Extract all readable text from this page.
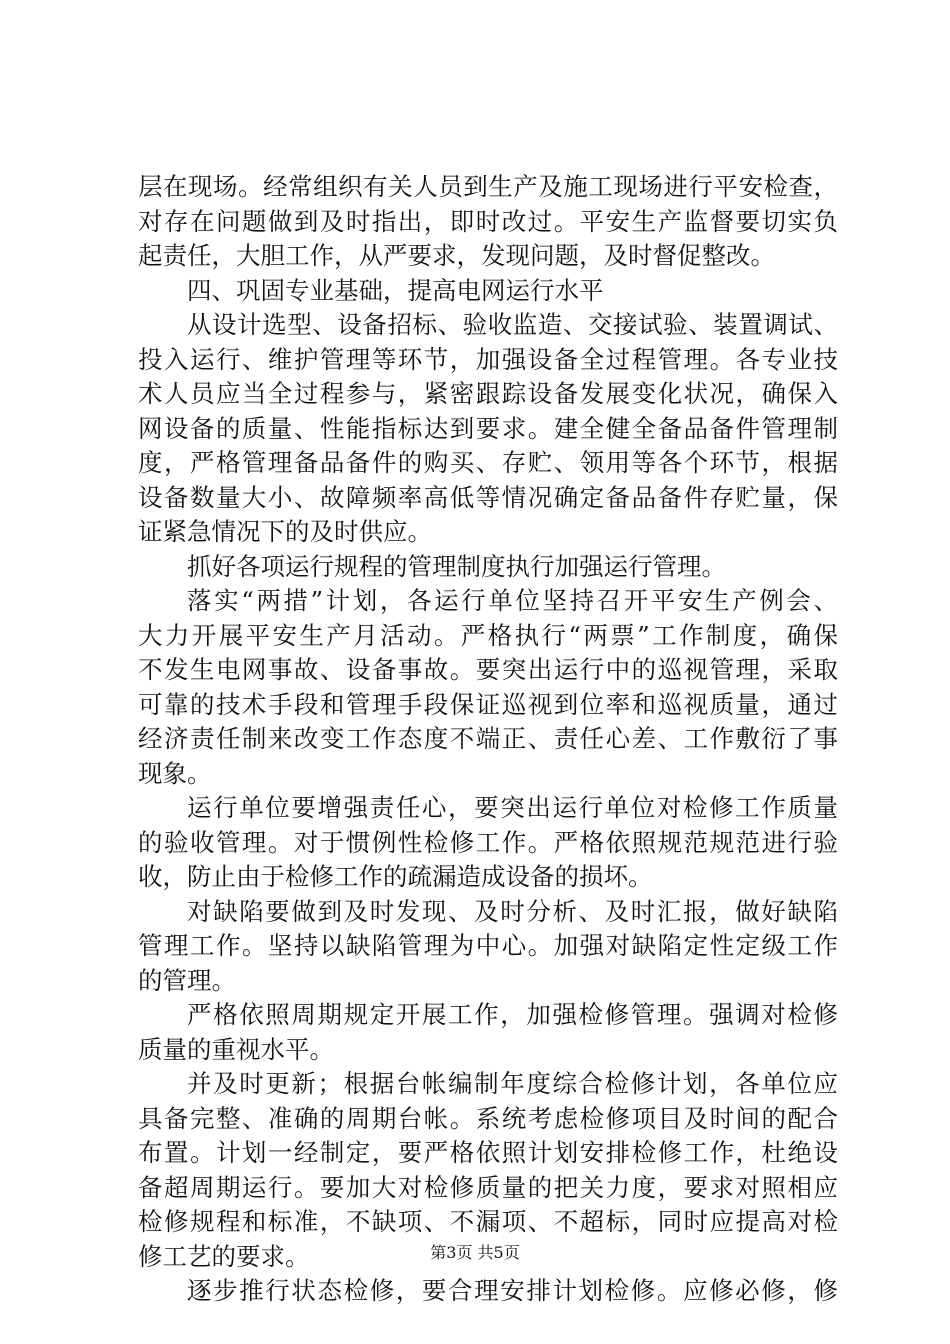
层在现场。经常组织有关人员到生产及施工现场进行平安检查，
对存在问题做到及时指出，即时改过。平安生产监督要切实负
起责任，大胆工作，从严要求，发现问题，及时督促整改。
四、巩固专业基础，提高电网运行水平
从设计选型、设备招标、验收监造、交接试验、装置调试、
投入运行、维护管理等环节，加强设备全过程管理。各专业技
术人员应当全过程参与，紧密跟踪设备发展变化状况，确保入
网设备的质量、性能指标达到要求。建全健全备品备件管理制
度，严格管理备品备件的购买、存贮、领用等各个环节，根据
设备数量大小、故障频率高低等情况确定备品备件存贮量，保
证紧急情况下的及时供应。
抓好各项运行规程的管理制度执行加强运行管理。
落实“两措”计划，各运行单位坚持召开平安生产例会、
大力开展平安生产月活动。严格执行“两票”工作制度，确保
不发生电网事故、设备事故。要突出运行中的巡视管理，采取
可靠的技术手段和管理手段保证巡视到位率和巡视质量，通过
经济责任制来改变工作态度不端正、责任心差、工作敷衍了事
现象。
运行单位要增强责任心，要突出运行单位对检修工作质量
的验收管理。对于惯例性检修工作。严格依照规范规范进行验
收，防止由于检修工作的疏漏造成设备的损坏。
对缺陷要做到及时发现、及时分析、及时汇报，做好缺陷
管理工作。坚持以缺陷管理为中心。加强对缺陷定性定级工作
的管理。
严格依照周期规定开展工作，加强检修管理。强调对检修
质量的重视水平。
并及时更新；根据台帐编制年度综合检修计划，各单位应
具备完整、准确的周期台帐。系统考虑检修项目及时间的配合
布置。计划一经制定，要严格依照计划安排检修工作，杜绝设
备超周期运行。要加大对检修质量的把关力度，要求对照相应
检修规程和标准，不缺项、不漏项、不超标，同时应提高对检
修工艺的要求。
逐步推行状态检修，要合理安排计划检修。应修必修，修
第3页 共5页
